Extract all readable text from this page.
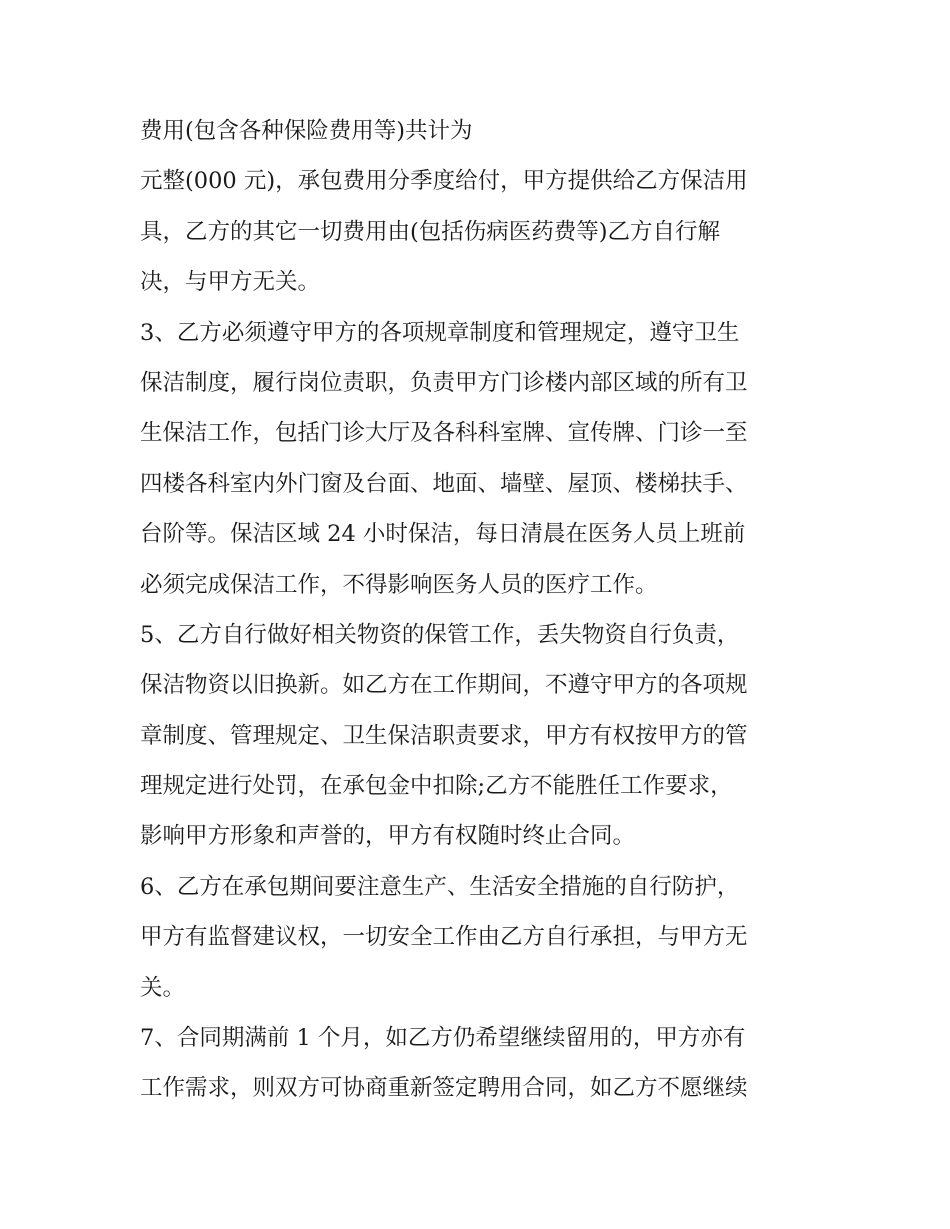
费用(包含各种保险费用等)共计为
元整(000 元)，承包费用分季度给付，甲方提供给乙方保洁用
具，乙方的其它一切费用由(包括伤病医药费等)乙方自行解
决，与甲方无关。
3、乙方必须遵守甲方的各项规章制度和管理规定，遵守卫生
保洁制度，履行岗位责职，负责甲方门诊楼内部区域的所有卫
生保洁工作，包括门诊大厅及各科科室牌、宣传牌、门诊一至
四楼各科室内外门窗及台面、地面、墙壁、屋顶、楼梯扶手、
台阶等。保洁区域 24 小时保洁，每日清晨在医务人员上班前
必须完成保洁工作，不得影响医务人员的医疗工作。
5、乙方自行做好相关物资的保管工作，丢失物资自行负责，
保洁物资以旧换新。如乙方在工作期间，不遵守甲方的各项规
章制度、管理规定、卫生保洁职责要求，甲方有权按甲方的管
理规定进行处罚，在承包金中扣除;乙方不能胜任工作要求，
影响甲方形象和声誉的，甲方有权随时终止合同。
6、乙方在承包期间要注意生产、生活安全措施的自行防护，
甲方有监督建议权，一切安全工作由乙方自行承担，与甲方无
关。
7、合同期满前 1 个月，如乙方仍希望继续留用的，甲方亦有
工作需求，则双方可协商重新签定聘用合同，如乙方不愿继续
